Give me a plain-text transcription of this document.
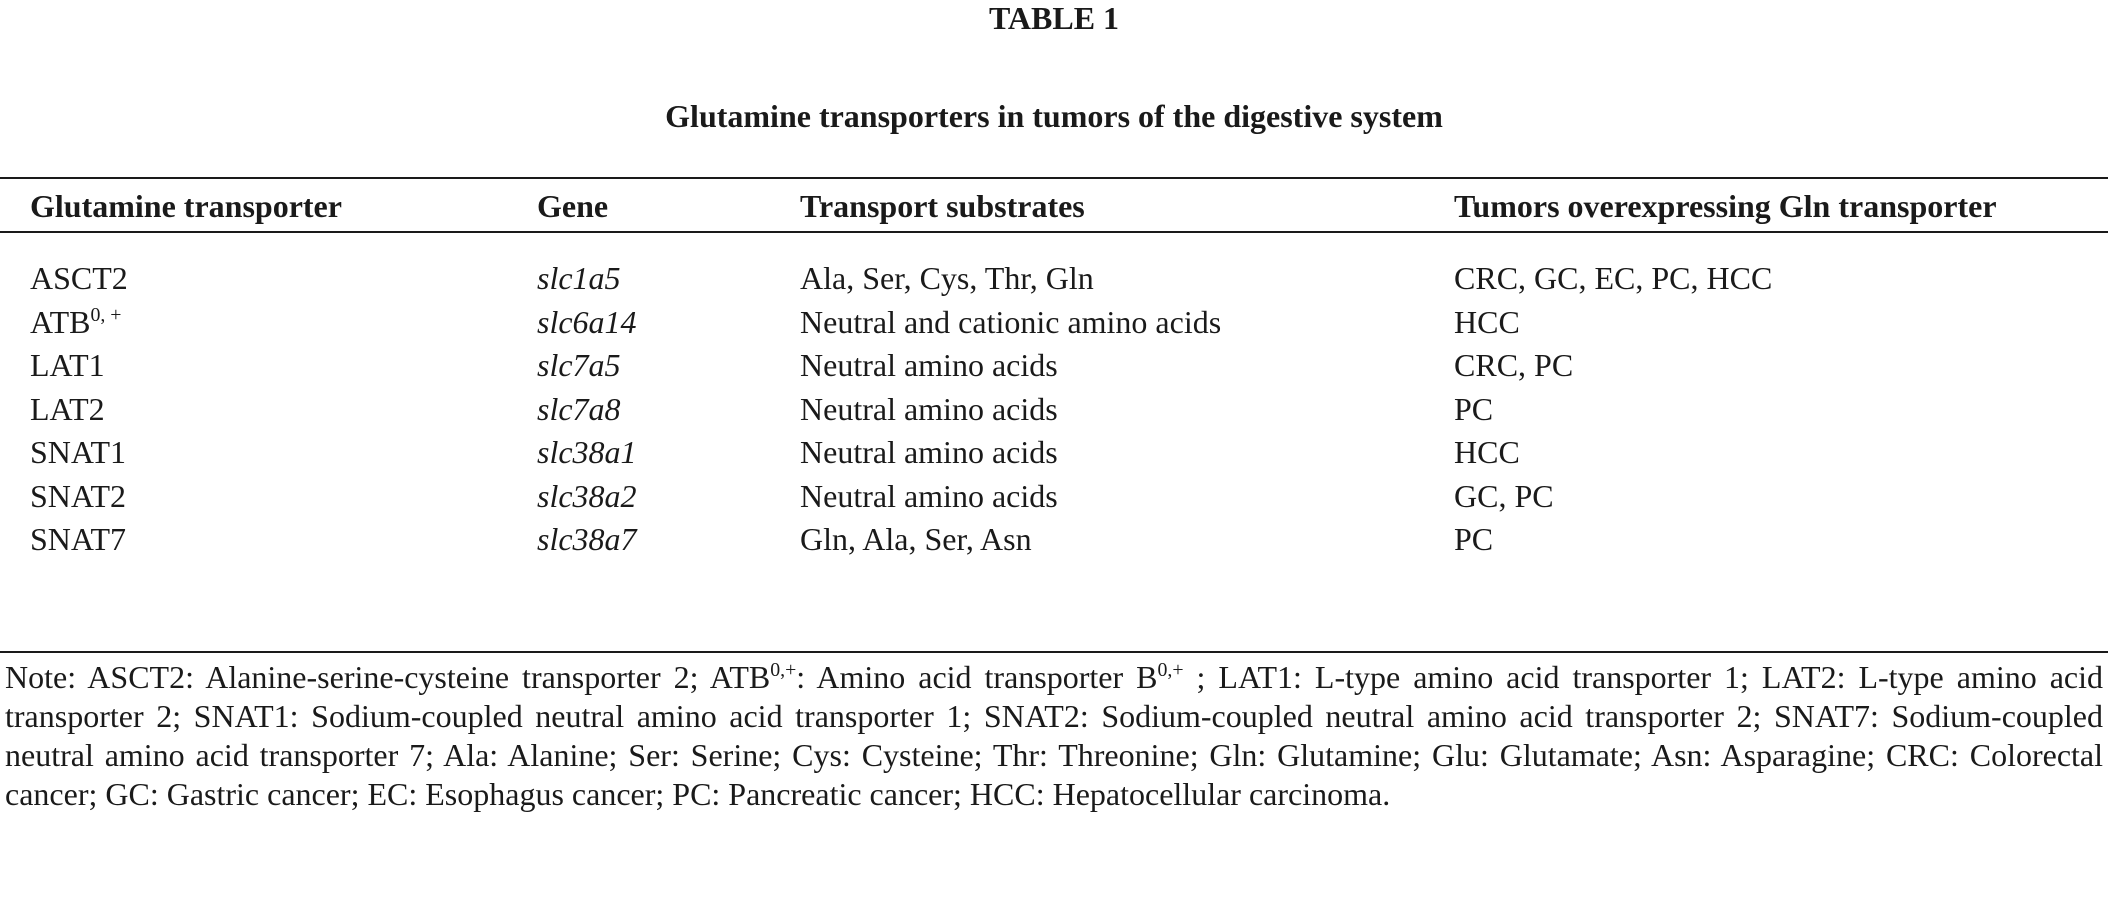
TABLE 1
Glutamine transporters in tumors of the digestive system
Glutamine transporter	Gene	Transport substrates	Tumors overexpressing Gln transporter
ASCT2	slc1a5	Ala, Ser, Cys, Thr, Gln	CRC, GC, EC, PC, HCC
$ATB^{0, +}$	slc6a14	Neutral and cationic amino acids	HCC
LAT1	slc7a5	Neutral amino acids	CRC, PC
LAT2	slc7a8	Neutral amino acids	PC
SNAT1	slc38a1	Neutral amino acids	HCC
SNAT2	slc38a2	Neutral amino acids	GC, PC
SNAT7	slc38a7	Gln, Ala, Ser, Asn	PC
Note: ASCT2: Alanine-serine-cysteine transporter 2; $ATB^{0,+}$: Amino acid transporter $B^{0,+}$ ; LAT1: L-type amino acid transporter 1; LAT2: L-type amino acid transporter 2; SNAT1: Sodium-coupled neutral amino acid transporter 1; SNAT2: Sodium-coupled neutral amino acid transporter 2; SNAT7: Sodium-coupled neutral amino acid transporter 7; Ala: Alanine; Ser: Serine; Cys: Cysteine; Thr: Threonine; Gln: Glutamine; Glu: Glutamate; Asn: Asparagine; CRC: Colorectal cancer; GC: Gastric cancer; EC: Esophagus cancer; PC: Pancreatic cancer; HCC: Hepatocellular carcinoma.
